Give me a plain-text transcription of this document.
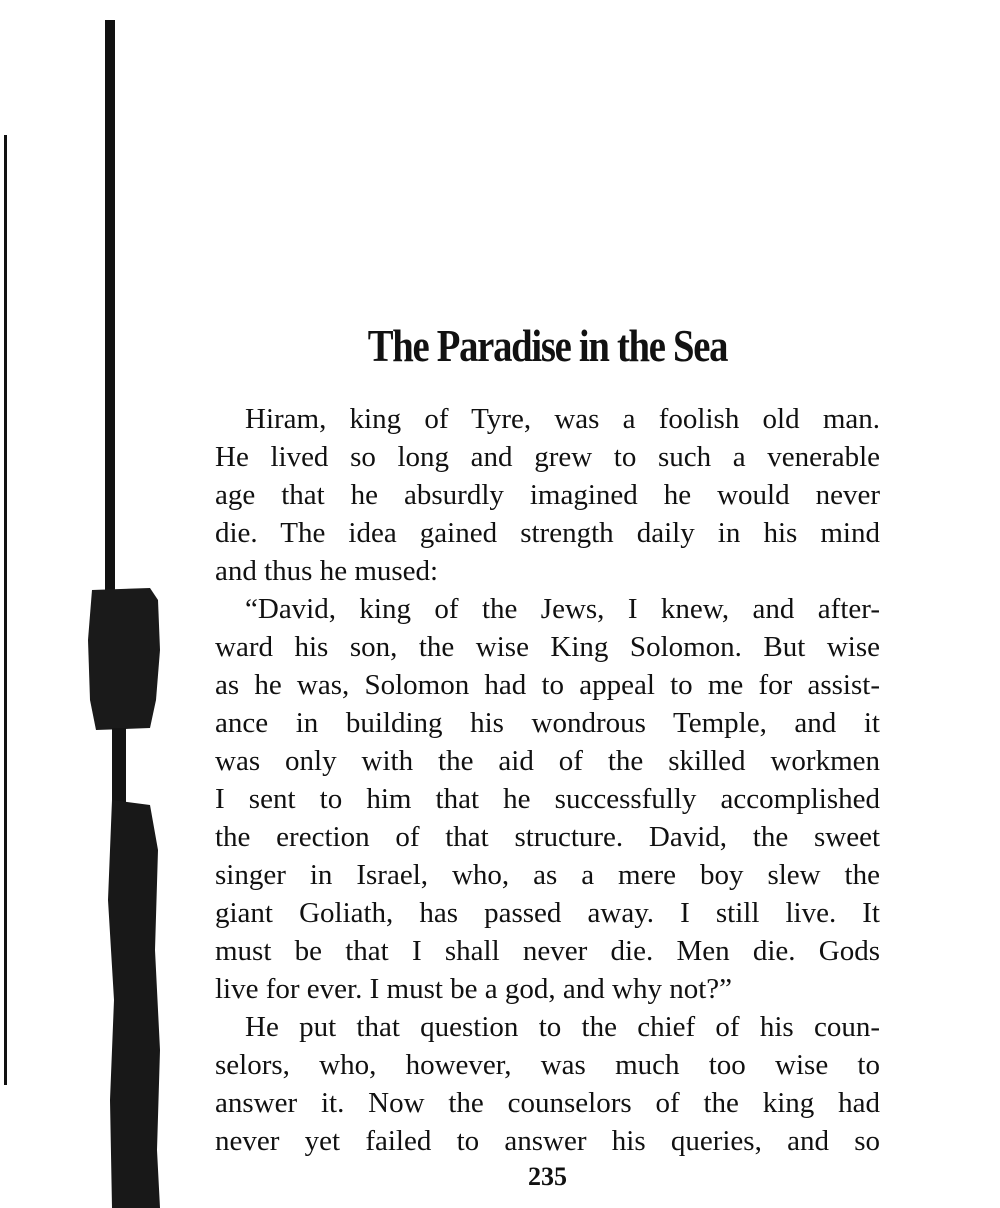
The Paradise in the Sea

Hiram, king of Tyre, was a foolish old man.
He lived so long and grew to such a venerable
age that he absurdly imagined he would never
die. The idea gained strength daily in his mind
and thus he mused:

“David, king of the Jews, I knew, and after-
ward his son, the wise King Solomon. But wise
as he was, Solomon had to appeal to me for assist-
ance in building his wondrous Temple, and it
was only with the aid of the skilled workmen
I sent to him that he successfully accomplished
the erection of that structure. David, the sweet
singer in Israel, who, as a mere boy slew the
giant Goliath, has passed away. I still live. It
must be that I shall never die. Men die. Gods
live for ever. I must be a god, and why not?”

He put that question to the chief of his coun-
selors, who, however, was much too wise to
answer it. Now the counselors of the king had
never yet failed to answer his queries, and so

235
